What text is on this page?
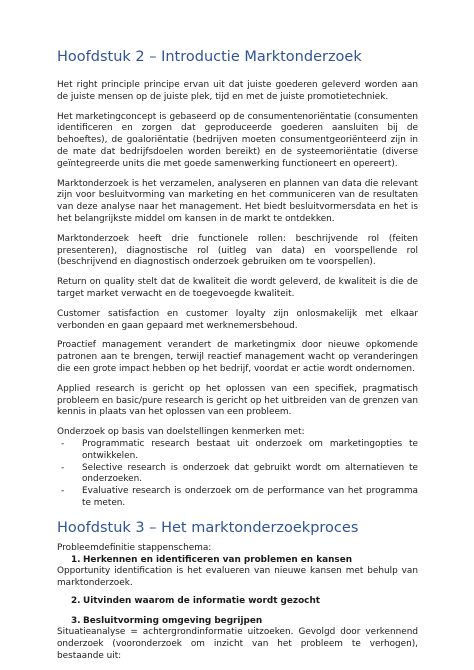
Hoofdstuk 2 – Introductie Marktonderzoek

Het right principle principe ervan uit dat juiste goederen geleverd worden aan de juiste mensen op de juiste plek, tijd en met de juiste promotietechniek.

Het marketingconcept is gebaseerd op de consumentenoriëntatie (consumenten identificeren en zorgen dat geproduceerde goederen aansluiten bij de behoeftes), de goaloriëntatie (bedrijven moeten consumentgeoriënteerd zijn in de mate dat bedrijfsdoelen worden bereikt) en de systeemoriëntatie (diverse geïntegreerde units die met goede samenwerking functioneert en opereert).

Marktonderzoek is het verzamelen, analyseren en plannen van data die relevant zijn voor besluitvorming van marketing en het communiceren van de resultaten van deze analyse naar het management. Het biedt besluitvormersdata en het is het belangrijkste middel om kansen in de markt te ontdekken.

Marktonderzoek heeft drie functionele rollen: beschrijvende rol (feiten presenteren), diagnostische rol (uitleg van data) en voorspellende rol (beschrijvend en diagnostisch onderzoek gebruiken om te voorspellen).

Return on quality stelt dat de kwaliteit die wordt geleverd, de kwaliteit is die de target market verwacht en de toegevoegde kwaliteit.

Customer satisfaction en customer loyalty zijn onlosmakelijk met elkaar verbonden en gaan gepaard met werknemersbehoud.

Proactief management verandert de marketingmix door nieuwe opkomende patronen aan te brengen, terwijl reactief management wacht op veranderingen die een grote impact hebben op het bedrijf, voordat er actie wordt ondernomen.

Applied research is gericht op het oplossen van een specifiek, pragmatisch probleem en basic/pure research is gericht op het uitbreiden van de grenzen van kennis in plaats van het oplossen van een probleem.

Onderzoek op basis van doelstellingen kenmerken met:

- Programmatic research bestaat uit onderzoek om marketingopties te ontwikkelen.
- Selective research is onderzoek dat gebruikt wordt om alternatieven te onderzoeken.
- Evaluative research is onderzoek om de performance van het programma te meten.
Hoofdstuk 3 – Het marktonderzoekproces

Probleemdefinitie stappenschema:

1. Herkennen en identificeren van problemen en kansen

Opportunity identification is het evalueren van nieuwe kansen met behulp van marktonderzoek.

2. Uitvinden waarom de informatie wordt gezocht
3. Besluitvorming omgeving begrijpen

Situatieanalyse = achtergrondinformatie uitzoeken. Gevolgd door verkennend onderzoek (vooronderzoek om inzicht van het probleem te verhogen), bestaande uit:
